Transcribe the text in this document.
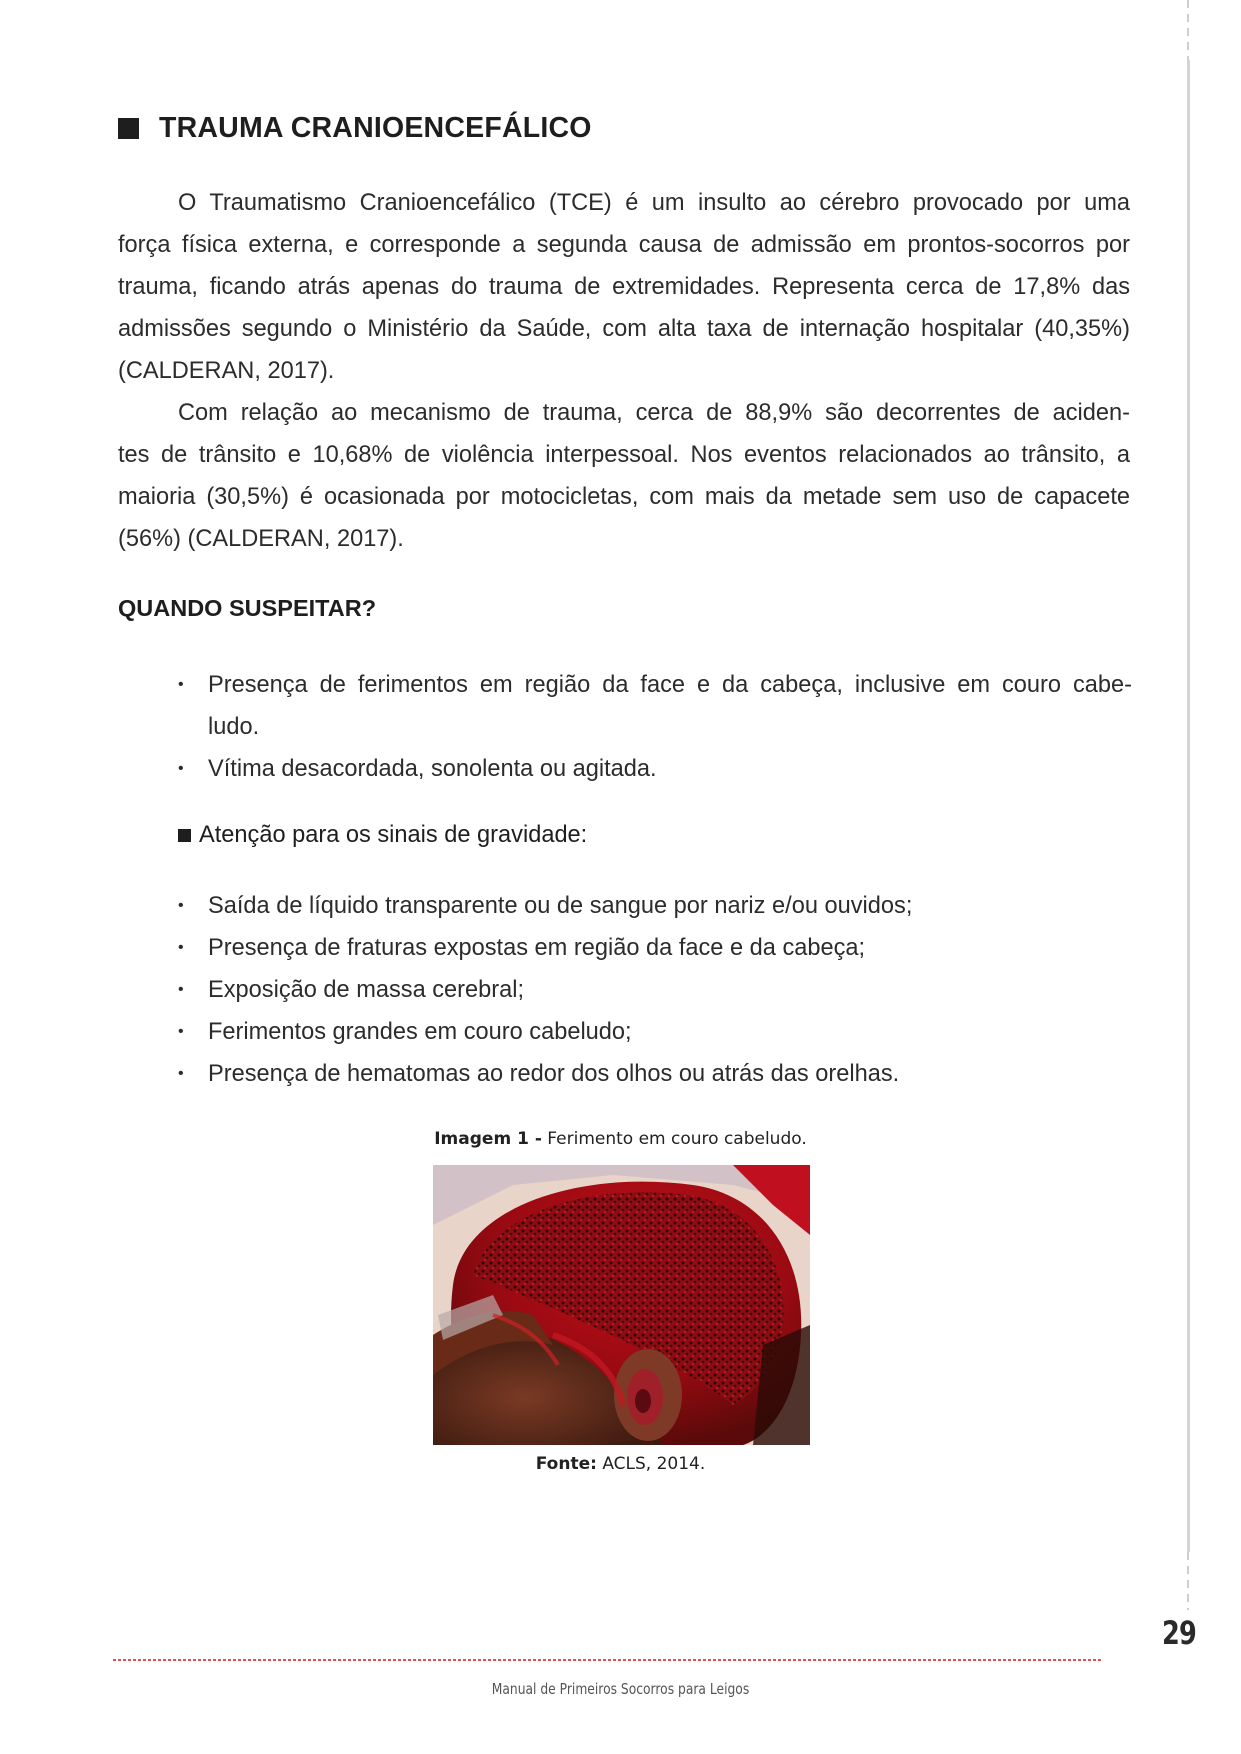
TRAUMA CRANIOENCEFÁLICO
O Traumatismo Cranioencefálico (TCE) é um insulto ao cérebro provocado por uma
força física externa, e corresponde a segunda causa de admissão em prontos-socorros por
trauma, ficando atrás apenas do trauma de extremidades. Representa cerca de 17,8% das
admissões segundo o Ministério da Saúde, com alta taxa de internação hospitalar (40,35%)
(CALDERAN, 2017).
Com relação ao mecanismo de trauma, cerca de 88,9% são decorrentes de aciden-
tes de trânsito e 10,68% de violência interpessoal. Nos eventos relacionados ao trânsito, a
maioria (30,5%) é ocasionada por motocicletas, com mais da metade sem uso de capacete
(56%) (CALDERAN, 2017).
QUANDO SUSPEITAR?
• Presença de ferimentos em região da face e da cabeça, inclusive em couro cabe-
ludo.
• Vítima desacordada, sonolenta ou agitada.
Atenção para os sinais de gravidade:
• Saída de líquido transparente ou de sangue por nariz e/ou ouvidos;
• Presença de fraturas expostas em região da face e da cabeça;
• Exposição de massa cerebral;
• Ferimentos grandes em couro cabeludo;
• Presença de hematomas ao redor dos olhos ou atrás das orelhas.
Imagem 1 - Ferimento em couro cabeludo.
Fonte: ACLS, 2014.
29
Manual de Primeiros Socorros para Leigos
